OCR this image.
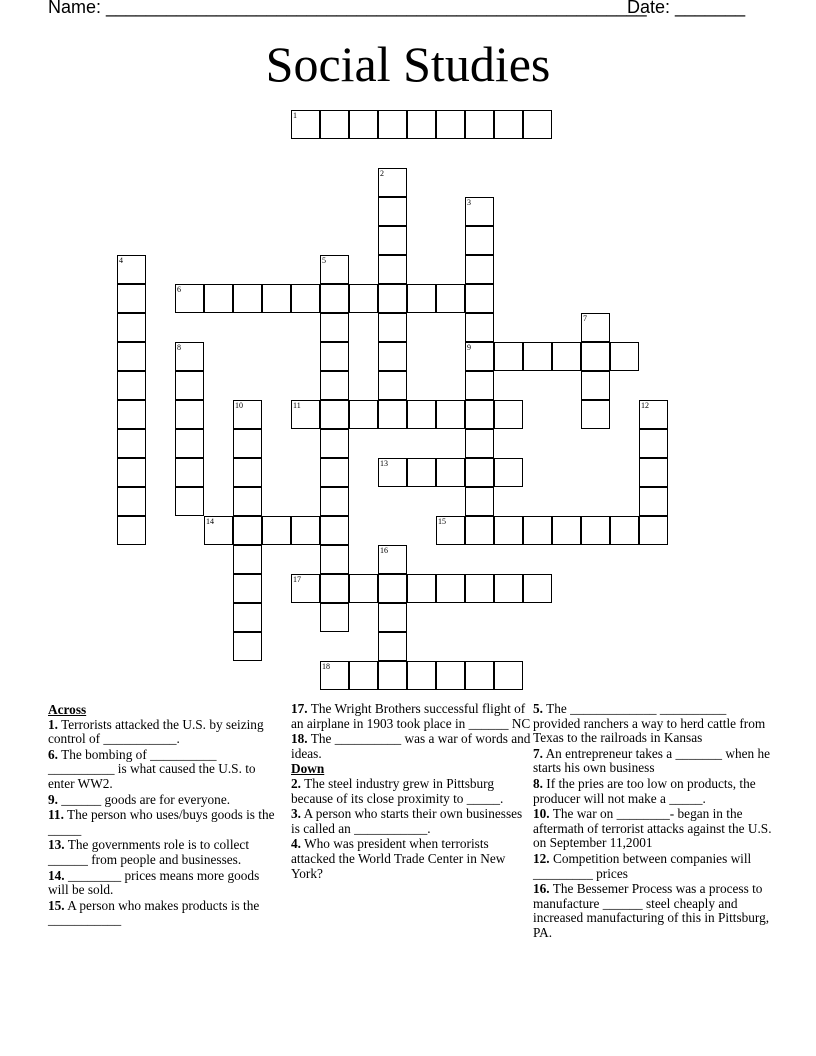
Name: ______________________________________________________
Date: _______
Social Studies
1
2
3
9
4	5
6
7
8
10	11	12
13
14	15
16
17
18
Across
1. Terrorists attacked the U.S. by seizing control of ___________.
6. The bombing of __________ __________ is what caused the U.S. to enter WW2.
9. ______ goods are for everyone.
11. The person who uses/buys goods is the _____
13. The governments role is to collect ______ from people and businesses.
14. ________ prices means more goods will be sold.
15. A person who makes products is the ___________
17. The Wright Brothers successful flight of an airplane in 1903 took place in ______ NC
18. The __________ was a war of words and ideas.
Down
2. The steel industry grew in Pittsburg because of its close proximity to _____.
3. A person who starts their own businesses is called an ___________.
4. Who was president when terrorists attacked the World Trade Center in New York?
5. The _____________ __________ provided ranchers a way to herd cattle from Texas to the railroads in Kansas
7. An entrepreneur takes a _______ when he starts his own business
8. If the pries are too low on products, the producer will not make a _____.
10. The war on ________- began in the aftermath of terrorist attacks against the U.S. on September 11,2001
12. Competition between companies will _________ prices
16. The Bessemer Process was a process to manufacture ______ steel cheaply and increased manufacturing of this in Pittsburg, PA.
